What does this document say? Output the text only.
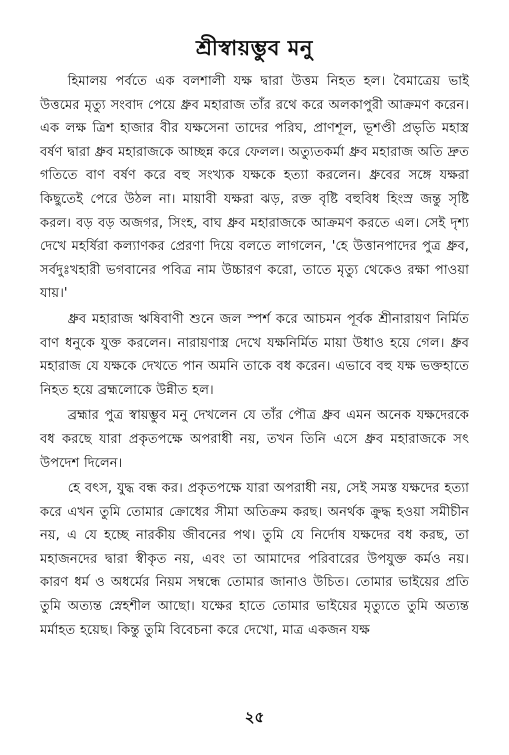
শ্রীস্বায়ম্ভুব মনু

হিমালয় পর্বতে এক বলশালী যক্ষ দ্বারা উত্তম নিহত হল। বৈমাত্রেয় ভাই উত্তমের মৃত্যু সংবাদ পেয়ে ধ্রুব মহারাজ তাঁর রথে করে অলকাপুরী আক্রমণ করেন। এক লক্ষ ত্রিশ হাজার বীর যক্ষসেনা তাদের পরিঘ, প্রাণশূল, ভূশণ্ডী প্রভৃতি মহাস্ত্র বর্ষণ দ্বারা ধ্রুব মহারাজকে আচ্ছন্ন করে ফেলল। অত্যুতকর্মা ধ্রুব মহারাজ অতি দ্রুত গতিতে বাণ বর্ষণ করে বহু সংখ্যক যক্ষকে হত্যা করলেন। ধ্রুবের সঙ্গে যক্ষরা কিছুতেই পেরে উঠল না। মায়াবী যক্ষরা ঝড়, রক্ত বৃষ্টি বহুবিধ হিংস্র জন্তু সৃষ্টি করল। বড় বড় অজগর, সিংহ, বাঘ ধ্রুব মহারাজকে আক্রমণ করতে এল। সেই দৃশ্য দেখে মহর্ষিরা কল্যাণকর প্রেরণা দিয়ে বলতে লাগলেন, 'হে উত্তানপাদের পুত্র ধ্রুব, সর্বদুঃখহারী ভগবানের পবিত্র নাম উচ্চারণ করো, তাতে মৃত্যু থেকেও রক্ষা পাওয়া যায়।'

ধ্রুব মহারাজ ঋষিবাণী শুনে জল স্পর্শ করে আচমন পূর্বক শ্রীনারায়ণ নির্মিত বাণ ধনুকে যুক্ত করলেন। নারায়ণাস্ত্র দেখে যক্ষনির্মিত মায়া উধাও হয়ে গেল। ধ্রুব মহারাজ যে যক্ষকে দেখতে পান অমনি তাকে বধ করেন। এভাবে বহু যক্ষ ভক্তহাতে নিহত হয়ে ব্রহ্মলোকে উন্নীত হল।

ব্রহ্মার পুত্র স্বায়ম্ভুব মনু দেখলেন যে তাঁর পৌত্র ধ্রুব এমন অনেক যক্ষদেরকে বধ করছে যারা প্রকৃতপক্ষে অপরাধী নয়, তখন তিনি এসে ধ্রুব মহারাজকে সৎ উপদেশ দিলেন।

হে বৎস, যুদ্ধ বন্ধ কর। প্রকৃতপক্ষে যারা অপরাধী নয়, সেই সমস্ত যক্ষদের হত্যা করে এখন তুমি তোমার ক্রোধের সীমা অতিক্রম করছ। অনর্থক ক্রুদ্ধ হওয়া সমীচীন নয়, এ যে হচ্ছে নারকীয় জীবনের পথ। তুমি যে নির্দোষ যক্ষদের বধ করছ, তা মহাজনদের দ্বারা স্বীকৃত নয়, এবং তা আমাদের পরিবারের উপযুক্ত কর্মও নয়। কারণ ধর্ম ও অধর্মের নিয়ম সম্বন্ধে তোমার জানাও উচিত। তোমার ভাইয়ের প্রতি তুমি অত্যন্ত স্নেহশীল আছো। যক্ষের হাতে তোমার ভাইয়ের মৃত্যুতে তুমি অত্যন্ত মর্মাহত হয়েছ। কিন্তু তুমি বিবেচনা করে দেখো, মাত্র একজন যক্ষ

২৫
